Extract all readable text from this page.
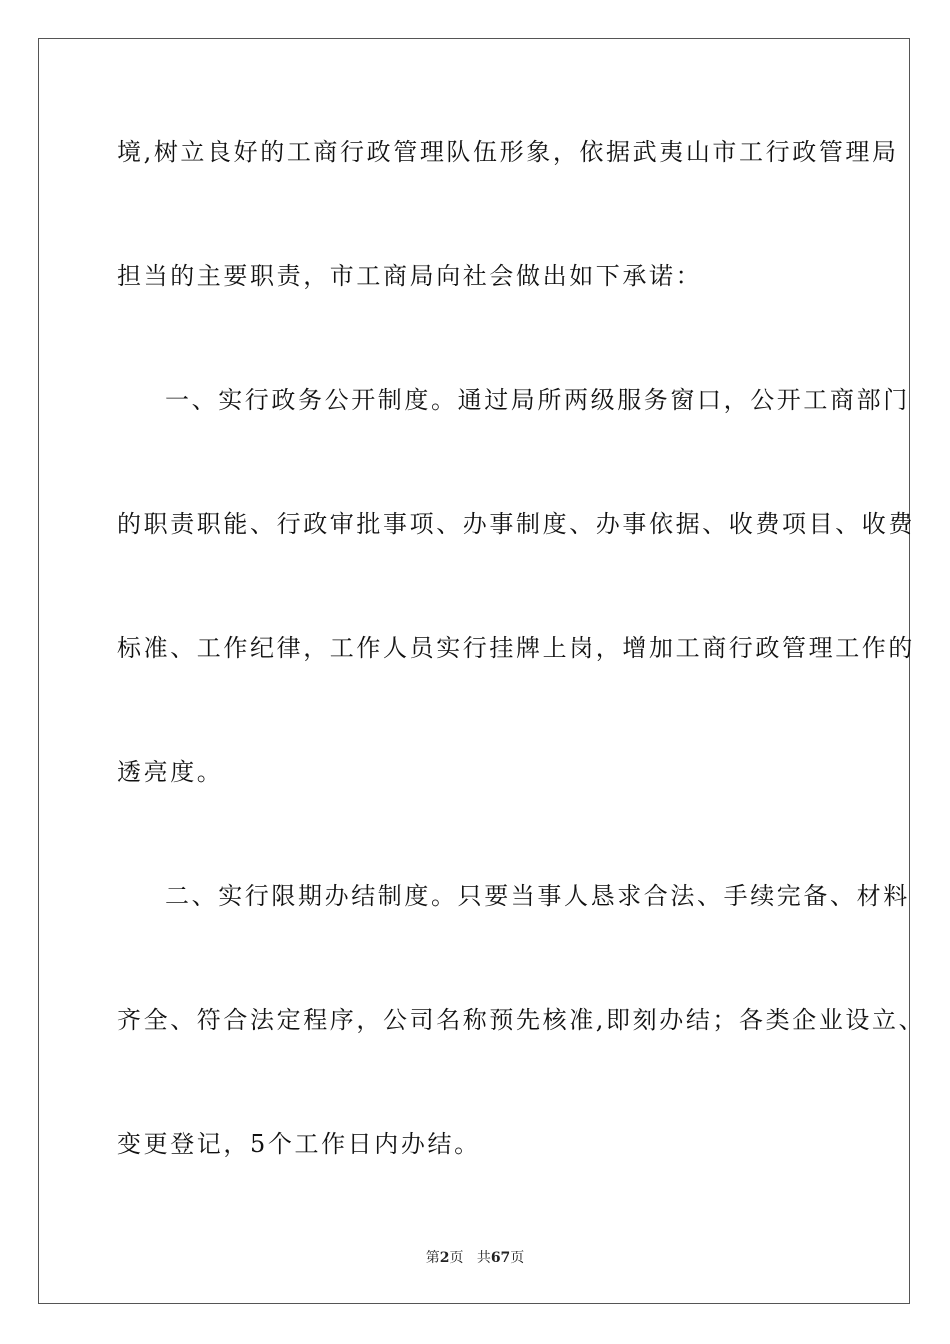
境,树立良好的工商行政管理队伍形象，依据武夷山市工行政管理局
担当的主要职责，市工商局向社会做出如下承诺：
一、实行政务公开制度。通过局所两级服务窗口，公开工商部门
的职责职能、行政审批事项、办事制度、办事依据、收费项目、收费
标准、工作纪律，工作人员实行挂牌上岗，增加工商行政管理工作的
透亮度。
二、实行限期办结制度。只要当事人恳求合法、手续完备、材料
齐全、符合法定程序，公司名称预先核准,即刻办结；各类企业设立、
变更登记，5个工作日内办结。
第2页 共67页
